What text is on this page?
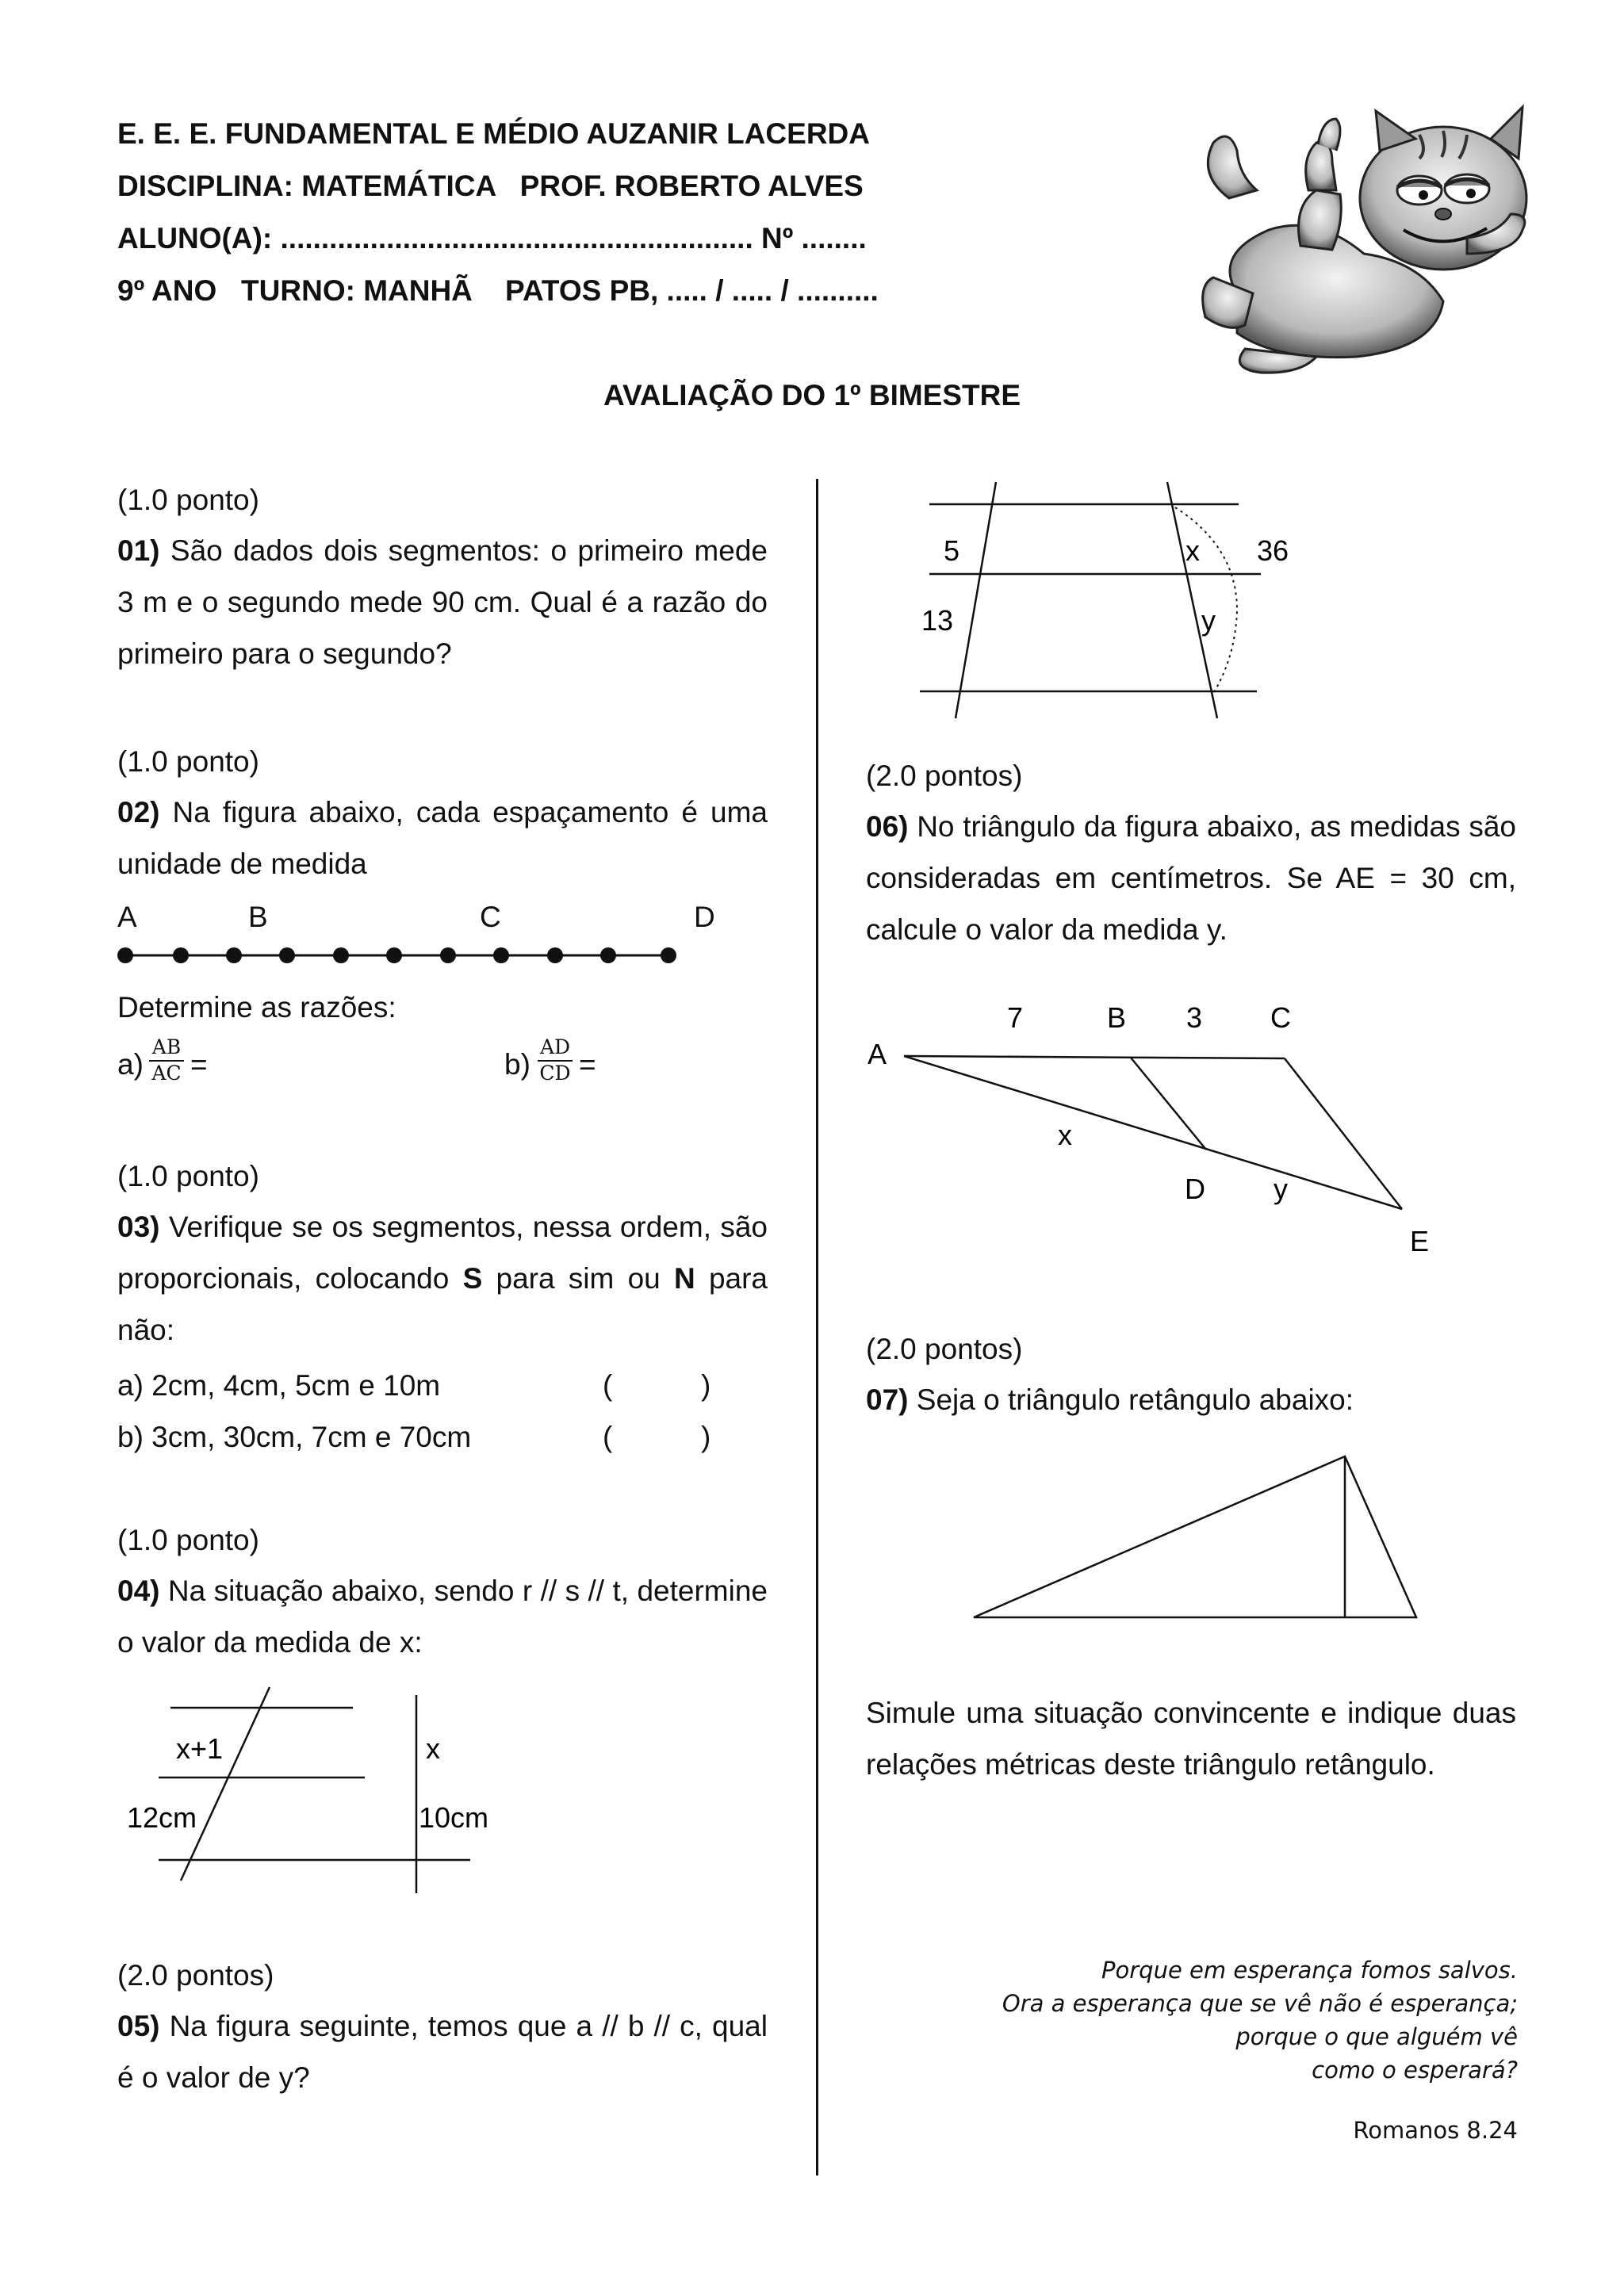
E. E. E. FUNDAMENTAL E MÉDIO AUZANIR LACERDA
DISCIPLINA: MATEMÁTICA   PROF. ROBERTO ALVES
ALUNO(A): .......................................................... Nº ........
9º ANO   TURNO: MANHÃ    PATOS PB, ..... / ..... / ..........
AVALIAÇÃO DO 1º BIMESTRE
(1.0 ponto)
01) São dados dois segmentos: o primeiro mede 3 m e o segundo mede 90 cm. Qual é a razão do primeiro para o segundo?
(1.0 ponto)
02) Na figura abaixo, cada espaçamento é uma unidade de medida
A	B	C	D
Determine as razões:
$a) \frac{AB}{AC}$ =	$b) \frac{AD}{CD}$ =
(1.0 ponto)
03) Verifique se os segmentos, nessa ordem, são proporcionais, colocando S para sim ou N para não:
a) 2cm, 4cm, 5cm e 10m	(	)
b) 3cm, 30cm, 7cm e 70cm	(	)
(1.0 ponto)
04) Na situação abaixo, sendo r // s // t, determine o valor da medida de x:
x+1	x
12cm	10cm
(2.0 pontos)
05) Na figura seguinte, temos que a // b // c, qual é o valor de y?
5
13
x
y
36
(2.0 pontos)
06) No triângulo da figura abaixo, as medidas são consideradas em centímetros. Se AE = 30 cm, calcule o valor da medida y.
A
7	B 3 C
x
D y
E
(2.0 pontos)
07) Seja o triângulo retângulo abaixo:
Simule uma situação convincente e indique duas relações métricas deste triângulo retângulo.
Porque em esperança fomos salvos.
Ora a esperança que se vê não é esperança;
porque o que alguém vê
como o esperará?
Romanos 8.24
